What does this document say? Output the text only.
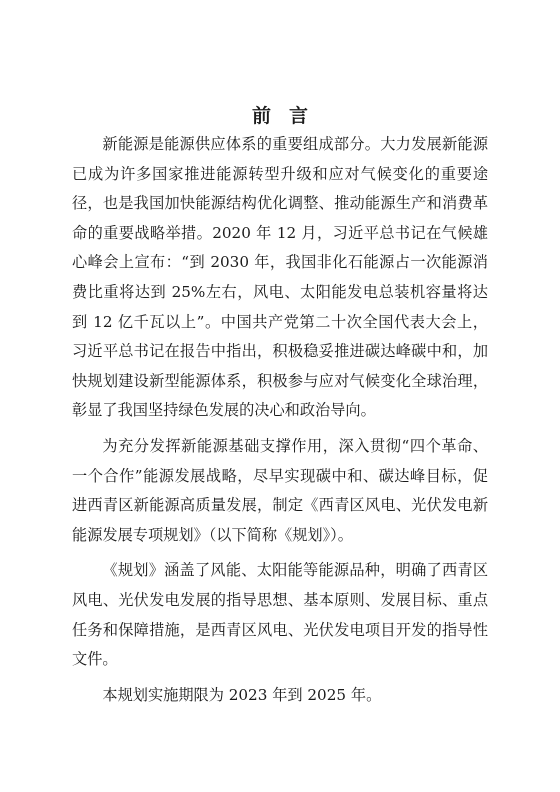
前言

新能源是能源供应体系的重要组成部分。大力发展新能源已成为许多国家推进能源转型升级和应对气候变化的重要途径，也是我国加快能源结构优化调整、推动能源生产和消费革命的重要战略举措。2020 年 12 月，习近平总书记在气候雄心峰会上宣布：“到 2030 年，我国非化石能源占一次能源消费比重将达到 25%左右，风电、太阳能发电总装机容量将达到 12 亿千瓦以上”。中国共产党第二十次全国代表大会上，习近平总书记在报告中指出，积极稳妥推进碳达峰碳中和，加快规划建设新型能源体系，积极参与应对气候变化全球治理，彰显了我国坚持绿色发展的决心和政治导向。

为充分发挥新能源基础支撑作用，深入贯彻“四个革命、一个合作”能源发展战略，尽早实现碳中和、碳达峰目标，促进西青区新能源高质量发展，制定《西青区风电、光伏发电新能源发展专项规划》（以下简称《规划》）。

《规划》涵盖了风能、太阳能等能源品种，明确了西青区风电、光伏发电发展的指导思想、基本原则、发展目标、重点任务和保障措施，是西青区风电、光伏发电项目开发的指导性文件。

本规划实施期限为 2023 年到 2025 年。
